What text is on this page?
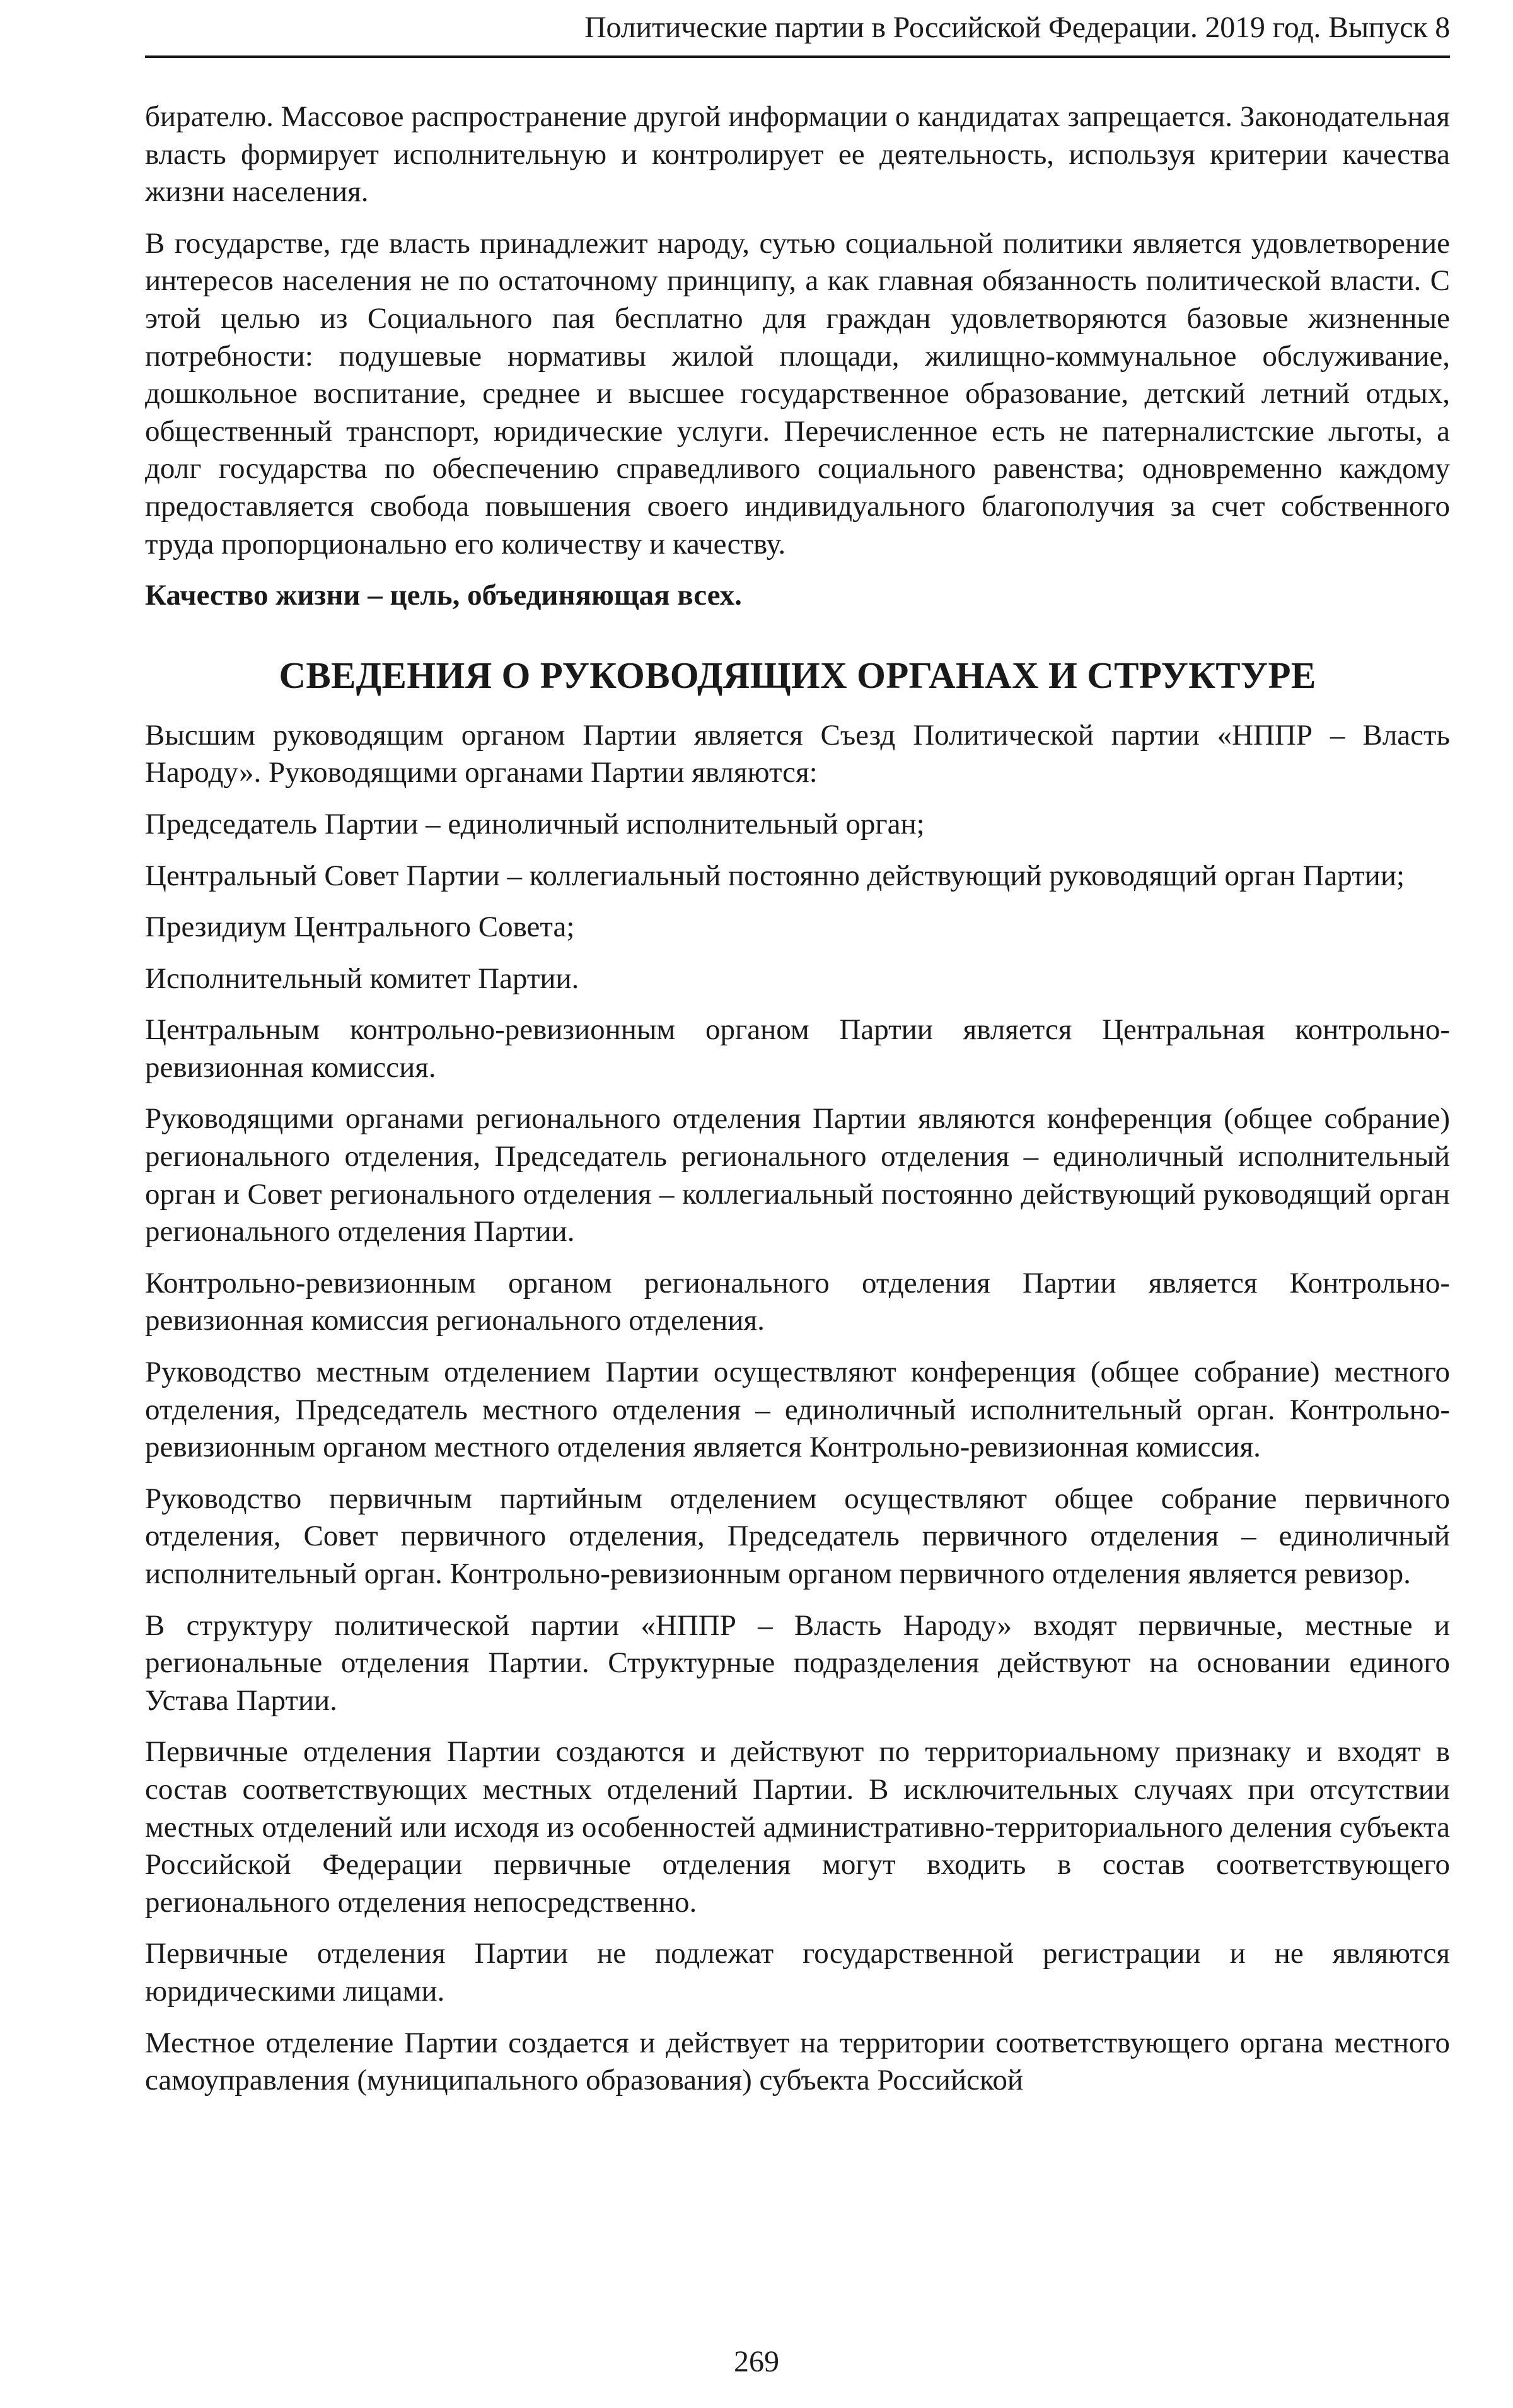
Политические партии в Российской Федерации. 2019 год. Выпуск 8

бирателю. Массовое распространение другой информации о кандидатах запрещается. Законодательная власть формирует исполнительную и контролирует ее деятельность, используя критерии качества жизни населения.

В государстве, где власть принадлежит народу, сутью социальной политики является удовлетворение интересов населения не по остаточному принципу, а как главная обязанность политической власти. С этой целью из Социального пая бесплатно для граждан удовлетворяются базовые жизненные потребности: подушевые нормативы жилой площади, жилищно-коммунальное обслуживание, дошкольное воспитание, среднее и высшее государственное образование, детский летний отдых, общественный транспорт, юридические услуги. Перечисленное есть не патерналистские льготы, а долг государства по обеспечению справедливого социального равенства; одновременно каждому предоставляется свобода повышения своего индивидуального благополучия за счет собственного труда пропорционально его количеству и качеству.

Качество жизни – цель, объединяющая всех.

СВЕДЕНИЯ О РУКОВОДЯЩИХ ОРГАНАХ И СТРУКТУРЕ

Высшим руководящим органом Партии является Съезд Политической партии «НППР – Власть Народу». Руководящими органами Партии являются:

Председатель Партии – единоличный исполнительный орган;

Центральный Совет Партии – коллегиальный постоянно действующий руководящий орган Партии;

Президиум Центрального Совета;

Исполнительный комитет Партии.

Центральным контрольно-ревизионным органом Партии является Центральная контрольно-ревизионная комиссия.

Руководящими органами регионального отделения Партии являются конференция (общее собрание) регионального отделения, Председатель регионального отделения – единоличный исполнительный орган и Совет регионального отделения – коллегиальный постоянно действующий руководящий орган регионального отделения Партии.

Контрольно-ревизионным органом регионального отделения Партии является Контрольно-ревизионная комиссия регионального отделения.

Руководство местным отделением Партии осуществляют конференция (общее собрание) местного отделения, Председатель местного отделения – единоличный исполнительный орган. Контрольно-ревизионным органом местного отделения является Контрольно-ревизионная комиссия.

Руководство первичным партийным отделением осуществляют общее собрание первичного отделения, Совет первичного отделения, Председатель первичного отделения – единоличный исполнительный орган. Контрольно-ревизионным органом первичного отделения является ревизор.

В структуру политической партии «НППР – Власть Народу» входят первичные, местные и региональные отделения Партии. Структурные подразделения действуют на основании единого Устава Партии.

Первичные отделения Партии создаются и действуют по территориальному признаку и входят в состав соответствующих местных отделений Партии. В исключительных случаях при отсутствии местных отделений или исходя из особенностей административно-территориального деления субъекта Российской Федерации первичные отделения могут входить в состав соответствующего регионального отделения непосредственно.

Первичные отделения Партии не подлежат государственной регистрации и не являются юридическими лицами.

Местное отделение Партии создается и действует на территории соответствующего органа местного самоуправления (муниципального образования) субъекта Российской

269
